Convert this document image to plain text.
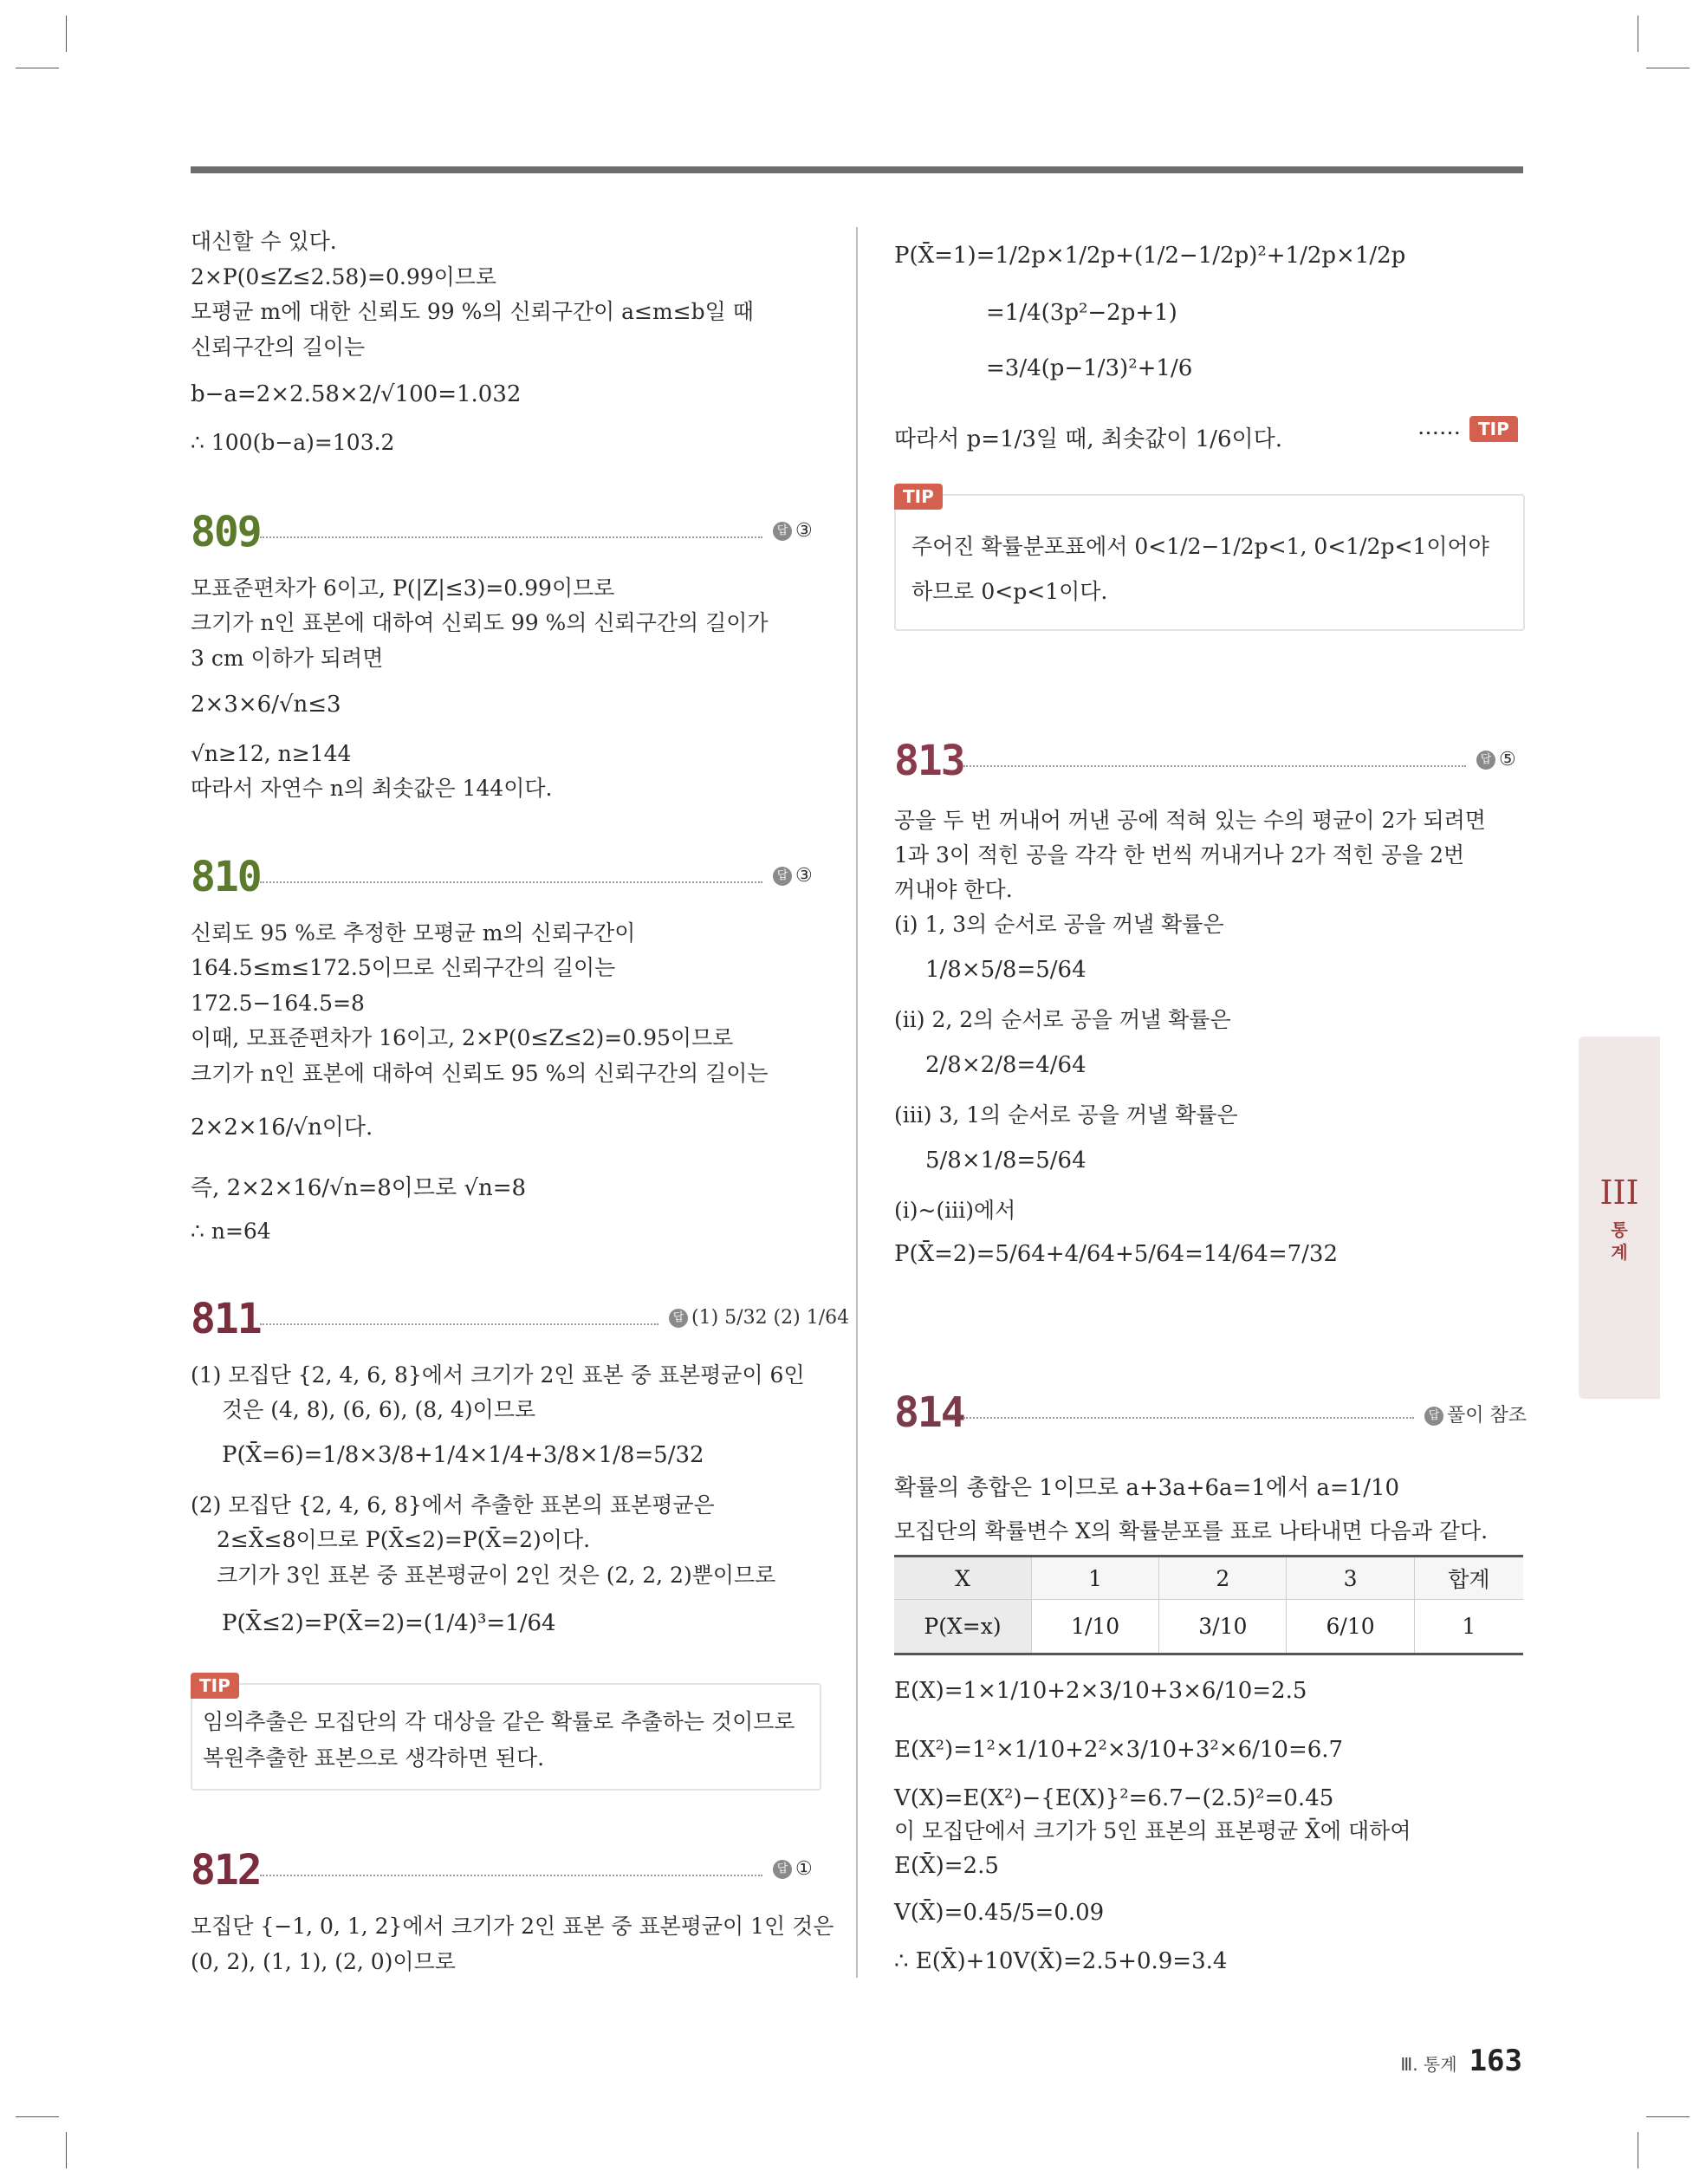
대신할 수 있다.
2×P(0≤Z≤2.58)=0.99이므로
모평균 m에 대한 신뢰도 99 %의 신뢰구간이 a≤m≤b일 때
신뢰구간의 길이는
b−a=2×2.58×2/√100=1.032
∴ 100(b−a)=103.2
809	답 ③
모표준편차가 6이고, P(|Z|≤3)=0.99이므로
크기가 n인 표본에 대하여 신뢰도 99 %의 신뢰구간의 길이가
3 cm 이하가 되려면
2×3×6/√n≤3
√n≥12, n≥144
따라서 자연수 n의 최솟값은 144이다.
810	답 ③
신뢰도 95 %로 추정한 모평균 m의 신뢰구간이
164.5≤m≤172.5이므로 신뢰구간의 길이는
172.5−164.5=8
이때, 모표준편차가 16이고, 2×P(0≤Z≤2)=0.95이므로
크기가 n인 표본에 대하여 신뢰도 95 %의 신뢰구간의 길이는
2×2×16/√n이다.
즉, 2×2×16/√n=8이므로 √n=8
∴ n=64
811	답 (1) 5/32 (2) 1/64
(1) 모집단 {2, 4, 6, 8}에서 크기가 2인 표본 중 표본평균이 6인
것은 (4, 8), (6, 6), (8, 4)이므로
P(X̄=6)=1/8×3/8+1/4×1/4+3/8×1/8=5/32
(2) 모집단 {2, 4, 6, 8}에서 추출한 표본의 표본평균은
2≤X̄≤8이므로 P(X̄≤2)=P(X̄=2)이다.
크기가 3인 표본 중 표본평균이 2인 것은 (2, 2, 2)뿐이므로
P(X̄≤2)=P(X̄=2)=(1/4)³=1/64
TIP
임의추출은 모집단의 각 대상을 같은 확률로 추출하는 것이므로
복원추출한 표본으로 생각하면 된다.
812	답 ①
모집단 {−1, 0, 1, 2}에서 크기가 2인 표본 중 표본평균이 1인 것은
(0, 2), (1, 1), (2, 0)이므로
P(X̄=1)=1/2p×1/2p+(1/2−1/2p)²+1/2p×1/2p
=1/4(3p²−2p+1)
=3/4(p−1/3)²+1/6
따라서 p=1/3일 때, 최솟값이 1/6이다.	……	TIP
TIP
주어진 확률분포표에서 0<1/2−1/2p<1, 0<1/2p<1이어야
하므로 0<p<1이다.
813	답 ⑤
공을 두 번 꺼내어 꺼낸 공에 적혀 있는 수의 평균이 2가 되려면
1과 3이 적힌 공을 각각 한 번씩 꺼내거나 2가 적힌 공을 2번
꺼내야 한다.
(i) 1, 3의 순서로 공을 꺼낼 확률은
1/8×5/8=5/64
(ii) 2, 2의 순서로 공을 꺼낼 확률은
2/8×2/8=4/64
(iii) 3, 1의 순서로 공을 꺼낼 확률은
5/8×1/8=5/64
(i)~(iii)에서
P(X̄=2)=5/64+4/64+5/64=14/64=7/32
814	답 풀이 참조
확률의 총합은 1이므로 a+3a+6a=1에서 a=1/10
모집단의 확률변수 X의 확률분포를 표로 나타내면 다음과 같다.
X	1	2	3	합계
P(X=x)	1/10	3/10	6/10	1
E(X)=1×1/10+2×3/10+3×6/10=2.5
E(X²)=1²×1/10+2²×3/10+3²×6/10=6.7
V(X)=E(X²)−{E(X)}²=6.7−(2.5)²=0.45
이 모집단에서 크기가 5인 표본의 표본평균 X̄에 대하여
E(X̄)=2.5
V(X̄)=0.45/5=0.09
∴ E(X̄)+10V(X̄)=2.5+0.9=3.4
III
통
계
Ⅲ. 통계 163
